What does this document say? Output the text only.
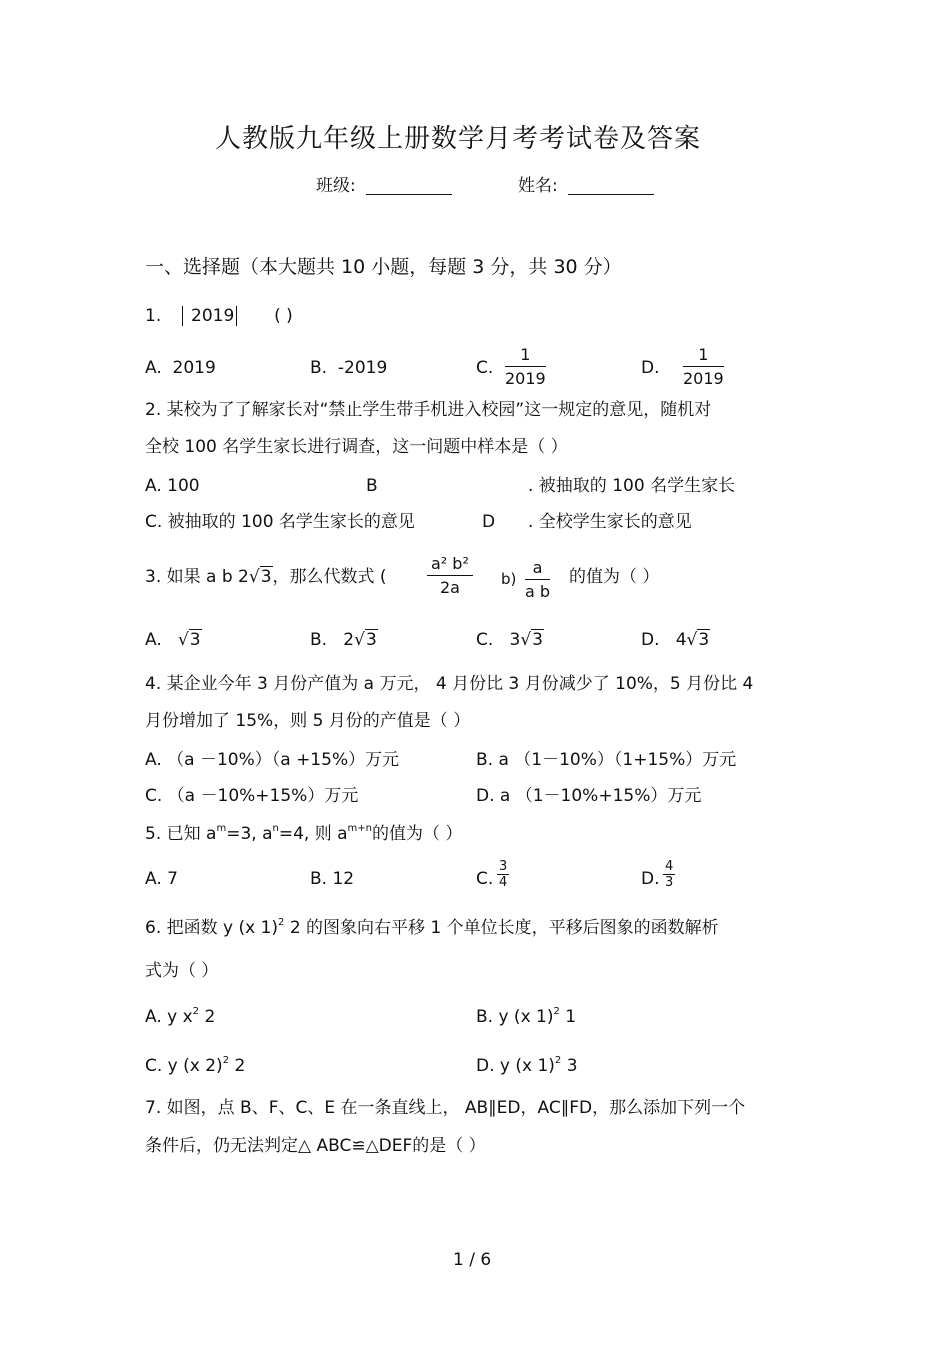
人教版九年级上册数学月考考试卷及答案
班级:	姓名:
一、选择题（本大题共 10 小题，每题 3 分，共 30 分）
1. 2019 ( )
A. 2019	B. -2019	C. $\frac{1}{2019}$	D. $\frac{1}{2019}$
2. 某校为了了解家长对“禁止学生带手机进入校园”这一规定的意见，随机对
全校 100 名学生家长进行调查，这一问题中样本是（ ）
A. 100	B	. 被抽取的 100 名学生家长
C. 被抽取的 100 名学生家长的意见	D . 全校学生家长的意见
3. 如果 a b 2√3，那么代数式 (	$\frac{\text{a² b²}}{2a} b) \frac{a}{\text{a b}}$ 的值为（ ）
A. √3	B. 2√3	C. 3√3	D. 4√3
4. 某企业今年 3 月份产值为 a 万元， 4 月份比 3 月份减少了 10%，5 月份比 4
月份增加了 15%，则 5 月份的产值是（ ）
A. （a －10%）（a +15%）万元	B. a （1－10%）（1+15%）万元
C. （a －10%+15%）万元	D. a （1－10%+15%）万元
5. 已知 $a^m=3$, $a^n=4$, 则 $a^{m+n}$的值为（ ）
A. 7	B. 12	C. $\frac{3}{4}$	D. $\frac{4}{3}$
6. 把函数 y (x 1)$^2$ 2 的图象向右平移 1 个单位长度，平移后图象的函数解析
式为（ ）
A. y $x^2$ 2	B. y (x 1)$^2$ 1
C. y (x 2)$^2$ 2	D. y (x 1)$^2$ 3
7. 如图，点 B、F、C、E 在一条直线上， AB∥ED，AC∥FD，那么添加下列一个
条件后，仍无法判定△ ABC≌△DEF的是（ ）
1 / 6
